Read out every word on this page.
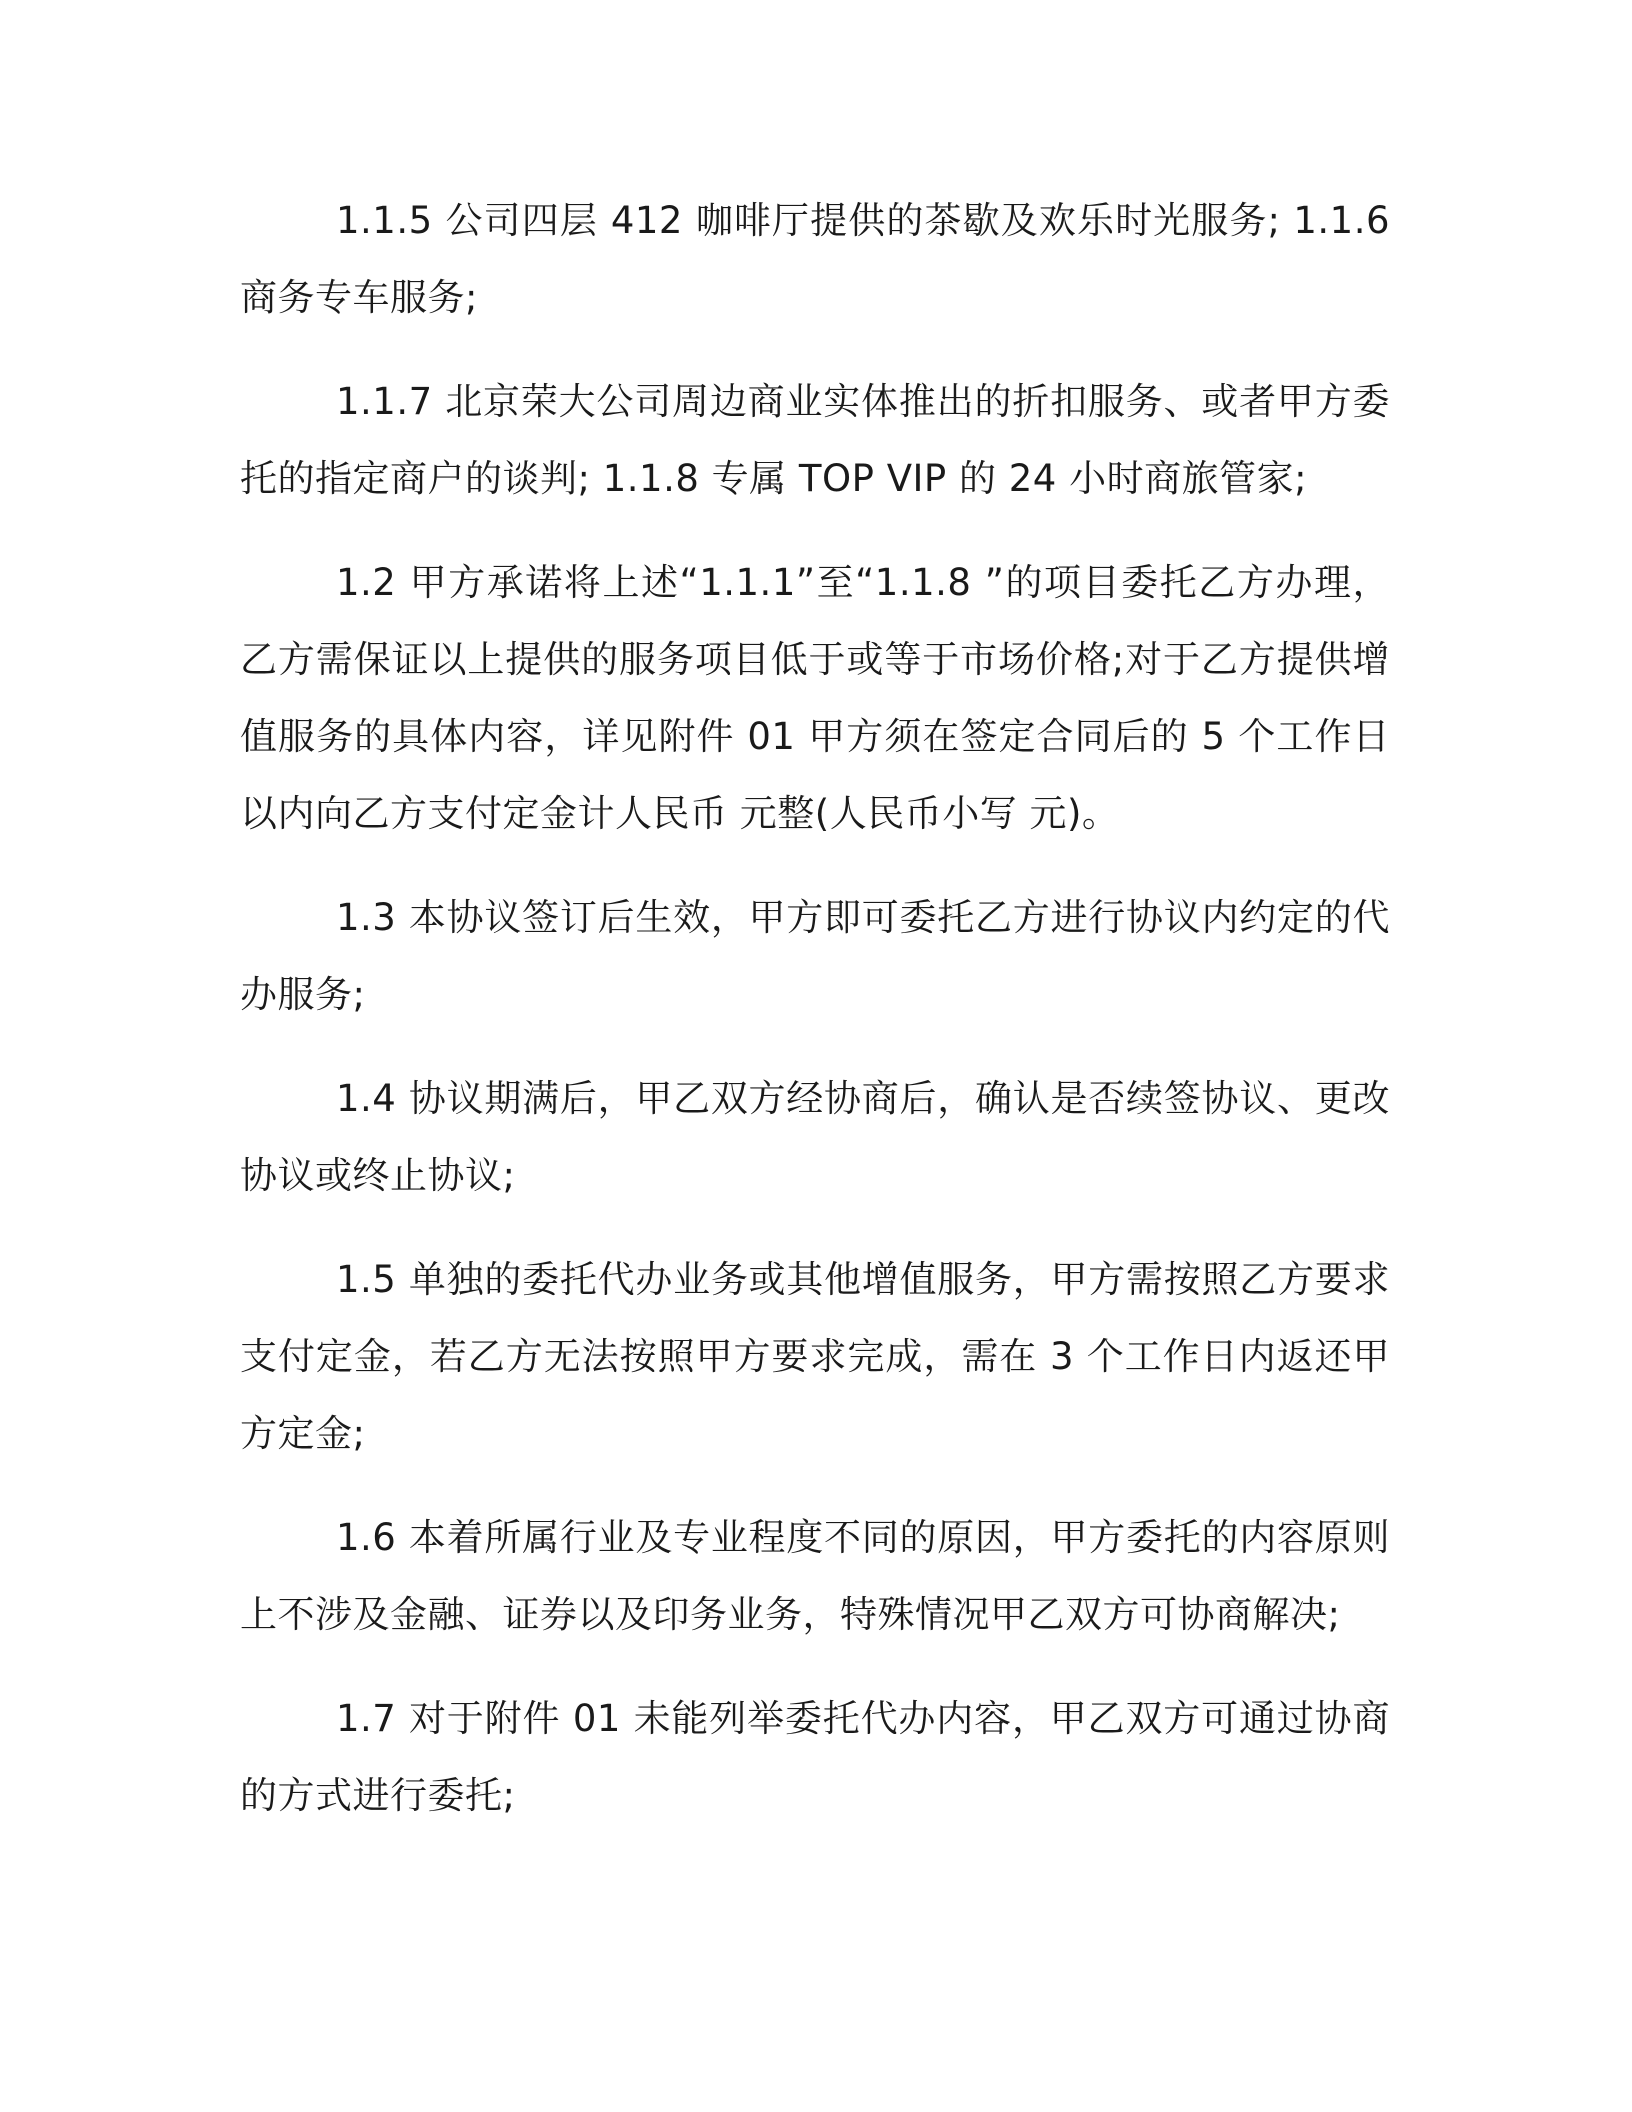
1.1.5 公司四层 412 咖啡厅提供的茶歇及欢乐时光服务; 1.1.6 商务专车服务;

1.1.7 北京荣大公司周边商业实体推出的折扣服务、或者甲方委托的指定商户的谈判; 1.1.8 专属 TOP VIP 的 24 小时商旅管家;

1.2 甲方承诺将上述“1.1.1”至“1.1.8 ”的项目委托乙方办理，乙方需保证以上提供的服务项目低于或等于市场价格;对于乙方提供增值服务的具体内容，详见附件 01 甲方须在签定合同后的 5 个工作日以内向乙方支付定金计人民币 元整(人民币小写 元)。

1.3 本协议签订后生效，甲方即可委托乙方进行协议内约定的代办服务;

1.4 协议期满后，甲乙双方经协商后，确认是否续签协议、更改协议或终止协议;

1.5 单独的委托代办业务或其他增值服务，甲方需按照乙方要求支付定金，若乙方无法按照甲方要求完成，需在 3 个工作日内返还甲方定金;

1.6 本着所属行业及专业程度不同的原因，甲方委托的内容原则上不涉及金融、证券以及印务业务，特殊情况甲乙双方可协商解决;

1.7 对于附件 01 未能列举委托代办内容，甲乙双方可通过协商的方式进行委托;
